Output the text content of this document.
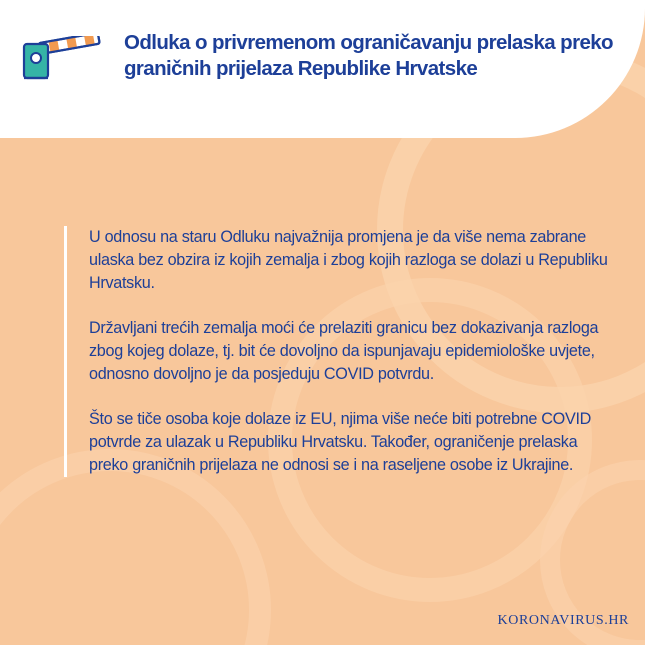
Odluka o privremenom ograničavanju prelaska preko graničnih prijelaza Republike Hrvatske

U odnosu na staru Odluku najvažnija promjena je da više nema zabrane ulaska bez obzira iz kojih zemalja i zbog kojih razloga se dolazi u Republiku Hrvatsku.

Državljani trećih zemalja moći će prelaziti granicu bez dokazivanja razloga zbog kojeg dolaze, tj. bit će dovoljno da ispunjavaju epidemiološke uvjete, odnosno dovoljno je da posjeduju COVID potvrdu.

Što se tiče osoba koje dolaze iz EU, njima više neće biti potrebne COVID potvrde za ulazak u Republiku Hrvatsku. Također, ograničenje prelaska preko graničnih prijelaza ne odnosi se i na raseljene osobe iz Ukrajine.

KORONAVIRUS.HR
